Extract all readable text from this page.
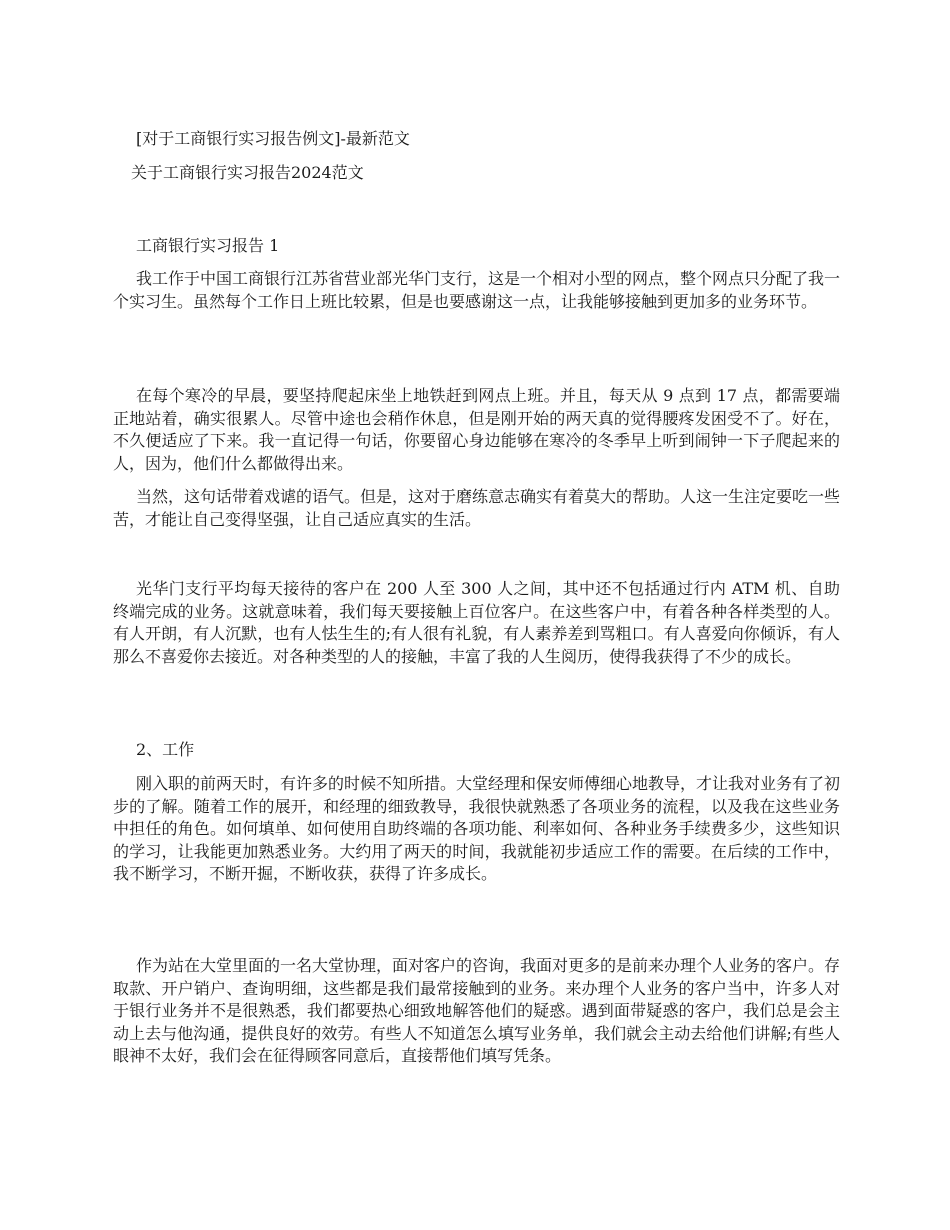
[对于工商银行实习报告例文]-最新范文
关于工商银行实习报告2024范文
工商银行实习报告 1

我工作于中国工商银行江苏省营业部光华门支行，这是一个相对小型的网点，整个网点只分配了我一个实习生。虽然每个工作日上班比较累，但是也要感谢这一点，让我能够接触到更加多的业务环节。

在每个寒冷的早晨，要坚持爬起床坐上地铁赶到网点上班。并且，每天从 9 点到 17 点，都需要端正地站着，确实很累人。尽管中途也会稍作休息，但是刚开始的两天真的觉得腰疼发困受不了。好在，不久便适应了下来。我一直记得一句话，你要留心身边能够在寒冷的冬季早上听到闹钟一下子爬起来的人，因为，他们什么都做得出来。

当然，这句话带着戏谑的语气。但是，这对于磨练意志确实有着莫大的帮助。人这一生注定要吃一些苦，才能让自己变得坚强，让自己适应真实的生活。

光华门支行平均每天接待的客户在 200 人至 300 人之间，其中还不包括通过行内 ATM 机、自助终端完成的业务。这就意味着，我们每天要接触上百位客户。在这些客户中，有着各种各样类型的人。有人开朗，有人沉默，也有人怯生生的;有人很有礼貌，有人素养差到骂粗口。有人喜爱向你倾诉，有人那么不喜爱你去接近。对各种类型的人的接触，丰富了我的人生阅历，使得我获得了不少的成长。

2、工作

刚入职的前两天时，有许多的时候不知所措。大堂经理和保安师傅细心地教导，才让我对业务有了初步的了解。随着工作的展开，和经理的细致教导，我很快就熟悉了各项业务的流程，以及我在这些业务中担任的角色。如何填单、如何使用自助终端的各项功能、利率如何、各种业务手续费多少，这些知识的学习，让我能更加熟悉业务。大约用了两天的时间，我就能初步适应工作的需要。在后续的工作中，我不断学习，不断开掘，不断收获，获得了许多成长。

作为站在大堂里面的一名大堂协理，面对客户的咨询，我面对更多的是前来办理个人业务的客户。存取款、开户销户、查询明细，这些都是我们最常接触到的业务。来办理个人业务的客户当中，许多人对于银行业务并不是很熟悉，我们都要热心细致地解答他们的疑惑。遇到面带疑惑的客户，我们总是会主动上去与他沟通，提供良好的效劳。有些人不知道怎么填写业务单，我们就会主动去给他们讲解;有些人眼神不太好，我们会在征得顾客同意后，直接帮他们填写凭条。
